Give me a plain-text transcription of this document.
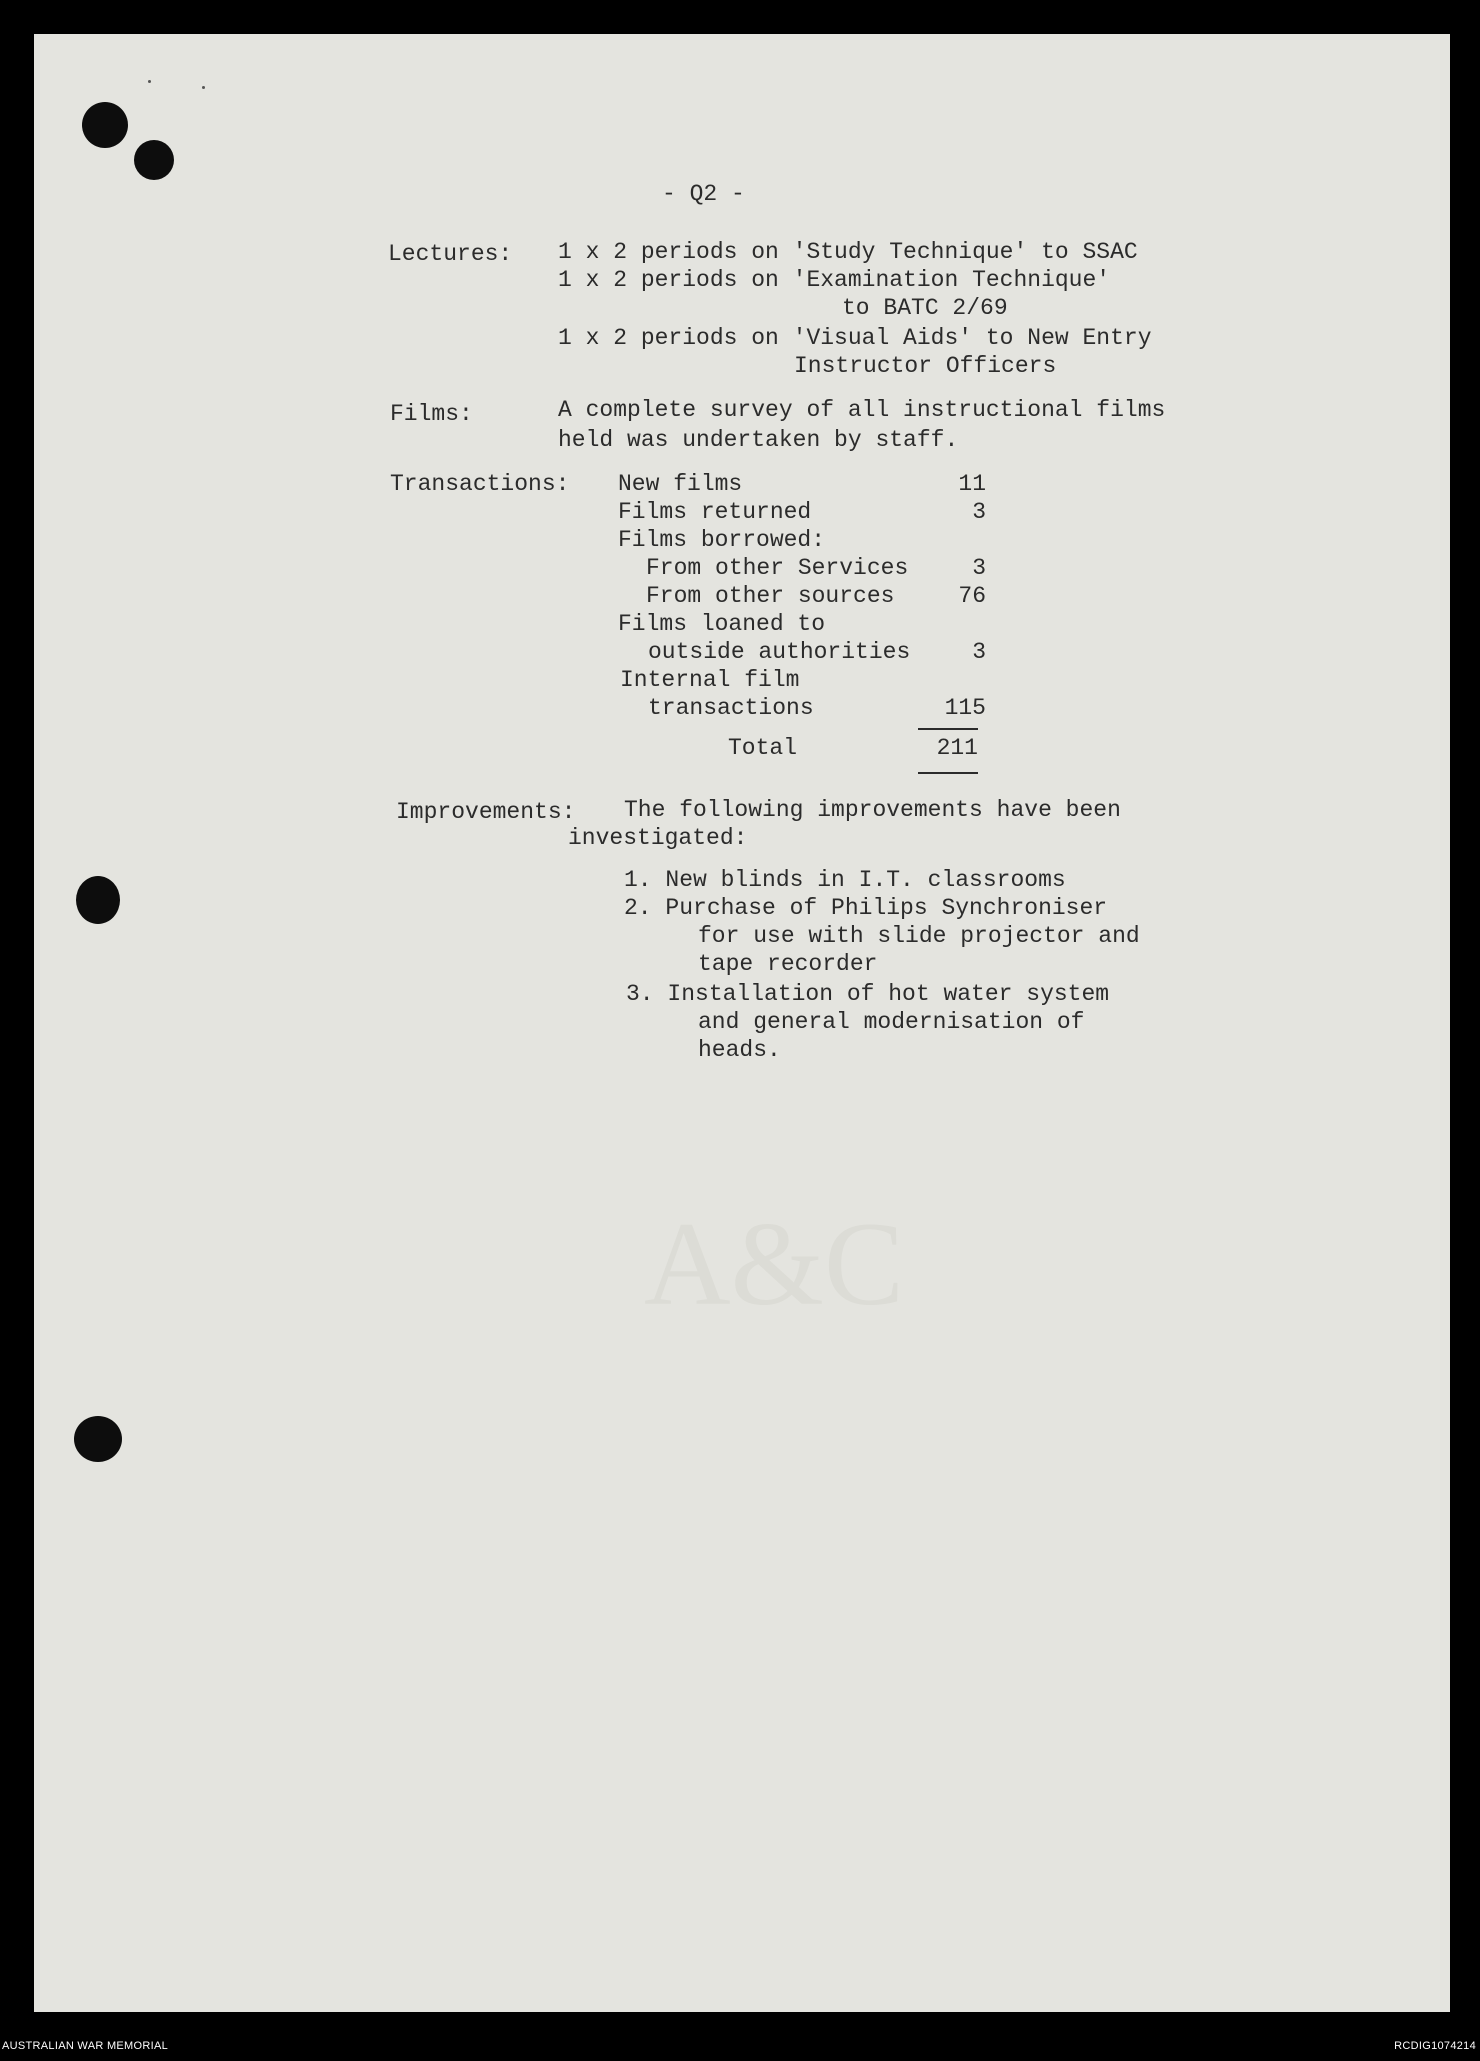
A&C
- Q2 -
Lectures: 1 x 2 periods on 'Study Technique' to SSAC
1 x 2 periods on 'Examination Technique'
to BATC 2/69
1 x 2 periods on 'Visual Aids' to New Entry
Instructor Officers
Films:	A complete survey of all instructional films
held was undertaken by staff.
Transactions: New films	11
Films returned	3
Films borrowed:
From other Services	3
From other sources	76
Films loaned to
outside authorities	3
Internal film
transactions	115
Total	211
Improvements: The following improvements have been
investigated:
1. New blinds in I.T. classrooms
2. Purchase of Philips Synchroniser
for use with slide projector and
tape recorder
3. Installation of hot water system
and general modernisation of
heads.
AUSTRALIAN WAR MEMORIAL	RCDIG1074214
